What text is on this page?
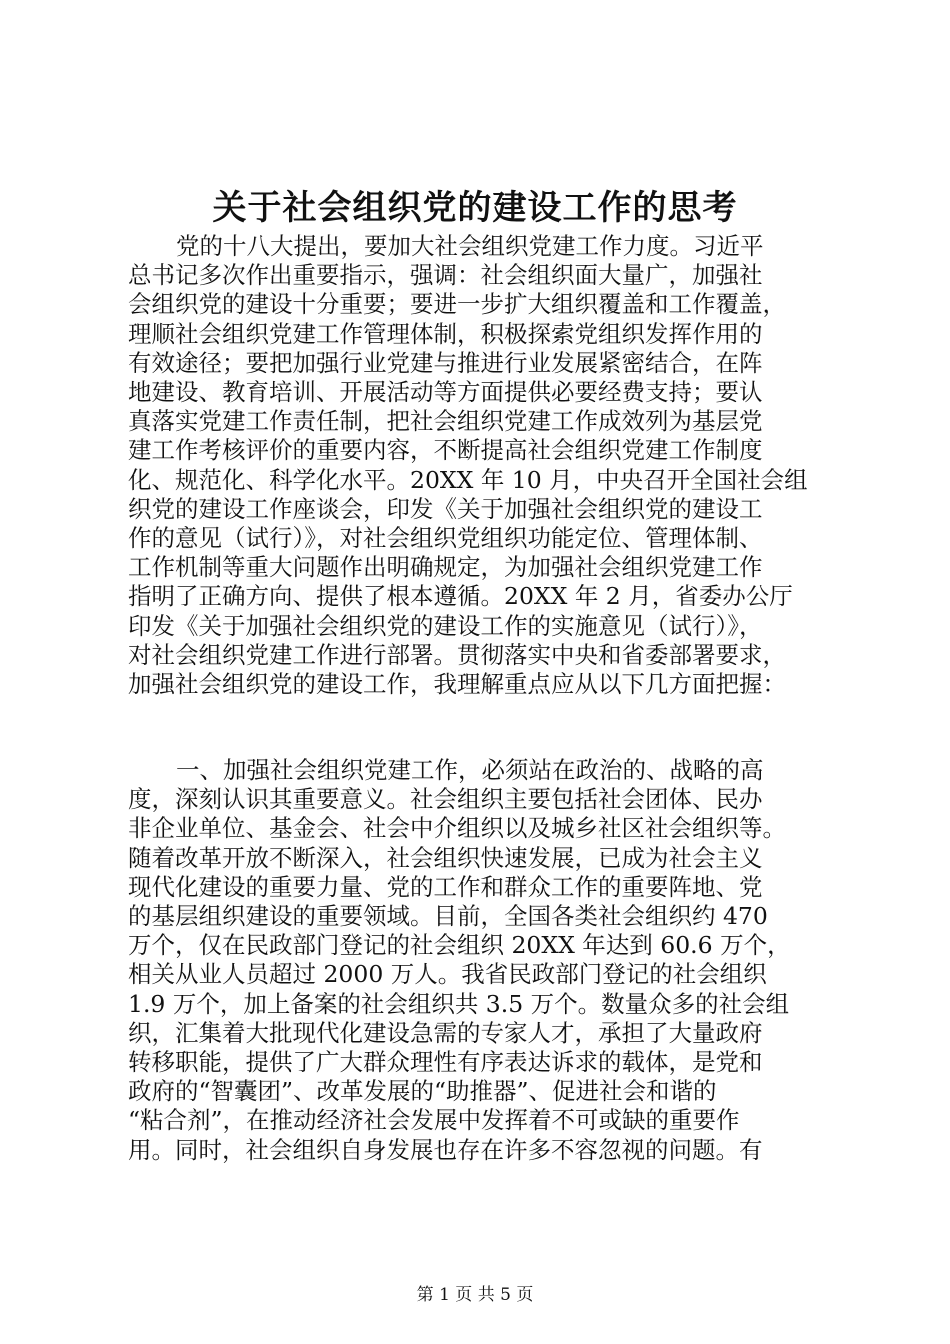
关于社会组织党的建设工作的思考
党的十八大提出，要加大社会组织党建工作力度。习近平
总书记多次作出重要指示，强调：社会组织面大量广，加强社
会组织党的建设十分重要；要进一步扩大组织覆盖和工作覆盖，
理顺社会组织党建工作管理体制，积极探索党组织发挥作用的
有效途径；要把加强行业党建与推进行业发展紧密结合，在阵
地建设、教育培训、开展活动等方面提供必要经费支持；要认
真落实党建工作责任制，把社会组织党建工作成效列为基层党
建工作考核评价的重要内容，不断提高社会组织党建工作制度
化、规范化、科学化水平。20XX 年 10 月，中央召开全国社会组
织党的建设工作座谈会，印发《关于加强社会组织党的建设工
作的意见（试行）》，对社会组织党组织功能定位、管理体制、
工作机制等重大问题作出明确规定，为加强社会组织党建工作
指明了正确方向、提供了根本遵循。20XX 年 2 月，省委办公厅
印发《关于加强社会组织党的建设工作的实施意见（试行）》，
对社会组织党建工作进行部署。贯彻落实中央和省委部署要求，
加强社会组织党的建设工作，我理解重点应从以下几方面把握：
一、加强社会组织党建工作，必须站在政治的、战略的高
度，深刻认识其重要意义。社会组织主要包括社会团体、民办
非企业单位、基金会、社会中介组织以及城乡社区社会组织等。
随着改革开放不断深入，社会组织快速发展，已成为社会主义
现代化建设的重要力量、党的工作和群众工作的重要阵地、党
的基层组织建设的重要领域。目前，全国各类社会组织约 470
万个，仅在民政部门登记的社会组织 20XX 年达到 60.6 万个，
相关从业人员超过 2000 万人。我省民政部门登记的社会组织
1.9 万个，加上备案的社会组织共 3.5 万个。数量众多的社会组
织，汇集着大批现代化建设急需的专家人才，承担了大量政府
转移职能，提供了广大群众理性有序表达诉求的载体，是党和
政府的“智囊团”、改革发展的“助推器”、促进社会和谐的
“粘合剂”，在推动经济社会发展中发挥着不可或缺的重要作
用。同时，社会组织自身发展也存在许多不容忽视的问题。有
第 1 页 共 5 页
